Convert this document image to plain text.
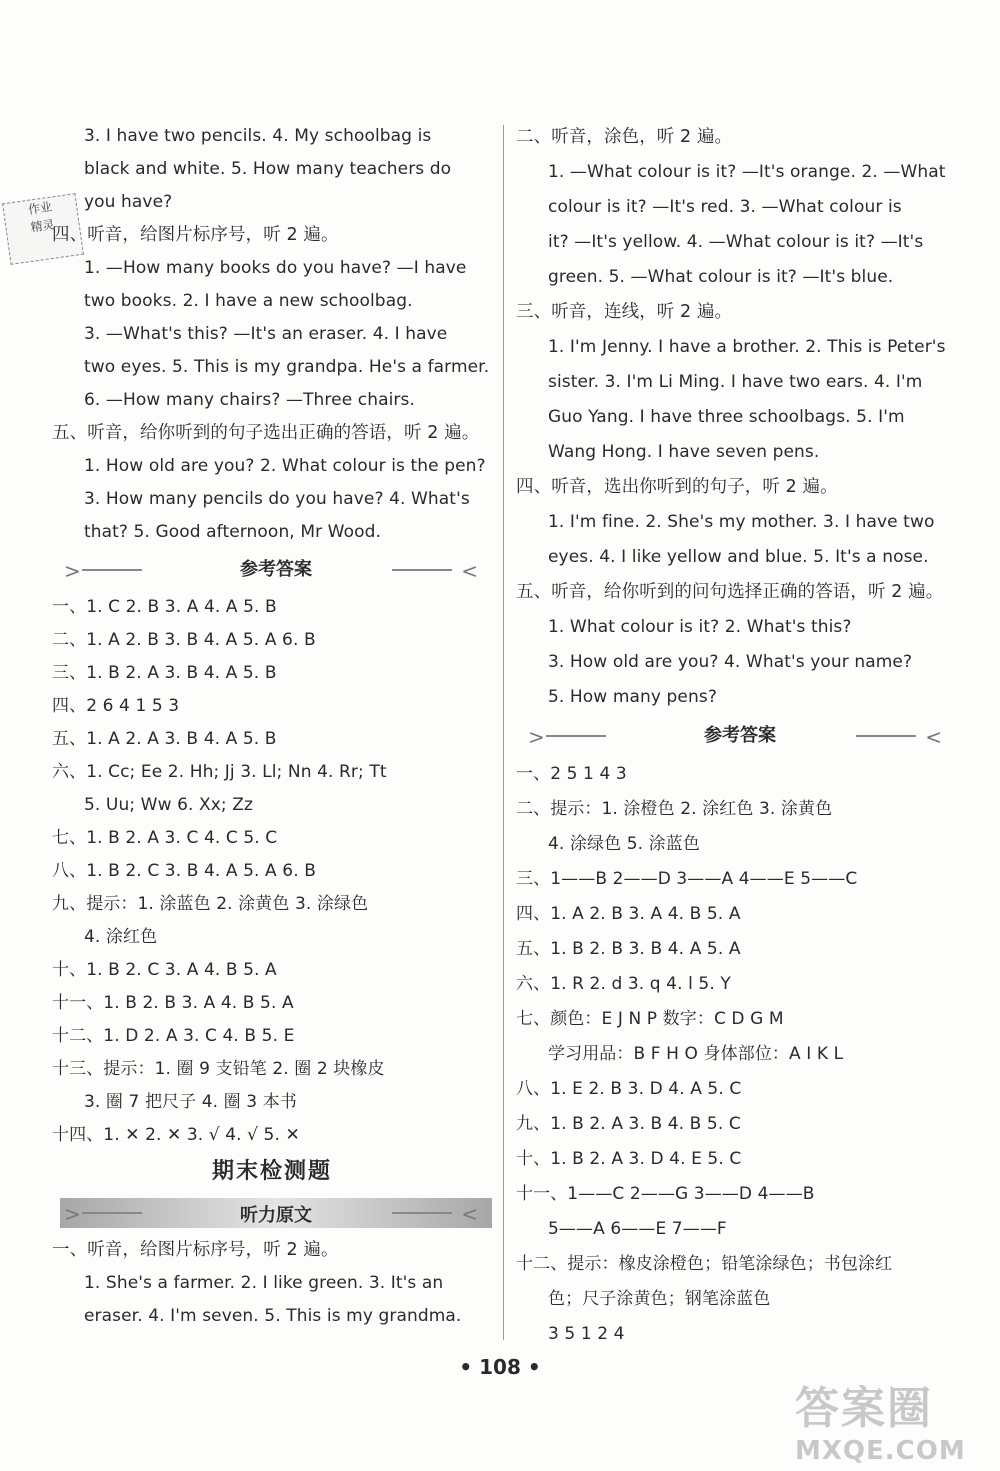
作业
精灵
3. I have two pencils. 4. My schoolbag is
black and white. 5. How many teachers do
you have?
四、听音，给图片标序号，听 2 遍。
1. —How many books do you have? —I have
two books. 2. I have a new schoolbag.
3. —What's this? —It's an eraser. 4. I have
two eyes. 5. This is my grandpa. He's a farmer.
6. —How many chairs? —Three chairs.
五、听音，给你听到的句子选出正确的答语，听 2 遍。
1. How old are you? 2. What colour is the pen?
3. How many pencils do you have? 4. What's
that? 5. Good afternoon, Mr Wood.
>	参考答案	<
一、1. C 2. B 3. A 4. A 5. B
二、1. A 2. B 3. B 4. A 5. A 6. B
三、1. B 2. A 3. B 4. A 5. B
四、2 6 4 1 5 3
五、1. A 2. A 3. B 4. A 5. B
六、1. Cc; Ee 2. Hh; Jj 3. Ll; Nn 4. Rr; Tt
5. Uu; Ww 6. Xx; Zz
七、1. B 2. A 3. C 4. C 5. C
八、1. B 2. C 3. B 4. A 5. A 6. B
九、提示：1. 涂蓝色 2. 涂黄色 3. 涂绿色
4. 涂红色
十、1. B 2. C 3. A 4. B 5. A
十一、1. B 2. B 3. A 4. B 5. A
十二、1. D 2. A 3. C 4. B 5. E
十三、提示：1. 圈 9 支铅笔 2. 圈 2 块橡皮
3. 圈 7 把尺子 4. 圈 3 本书
十四、1. ✕ 2. ✕ 3. √ 4. √ 5. ✕
期末检测题
>	听力原文	<
一、听音，给图片标序号，听 2 遍。
1. She's a farmer. 2. I like green. 3. It's an
eraser. 4. I'm seven. 5. This is my grandma.
二、听音，涂色，听 2 遍。
1. —What colour is it? —It's orange. 2. —What
colour is it? —It's red. 3. —What colour is
it? —It's yellow. 4. —What colour is it? —It's
green. 5. —What colour is it? —It's blue.
三、听音，连线，听 2 遍。
1. I'm Jenny. I have a brother. 2. This is Peter's
sister. 3. I'm Li Ming. I have two ears. 4. I'm
Guo Yang. I have three schoolbags. 5. I'm
Wang Hong. I have seven pens.
四、听音，选出你听到的句子，听 2 遍。
1. I'm fine. 2. She's my mother. 3. I have two
eyes. 4. I like yellow and blue. 5. It's a nose.
五、听音，给你听到的问句选择正确的答语，听 2 遍。
1. What colour is it? 2. What's this?
3. How old are you? 4. What's your name?
5. How many pens?
>	参考答案	<
一、2 5 1 4 3
二、提示：1. 涂橙色 2. 涂红色 3. 涂黄色
4. 涂绿色 5. 涂蓝色
三、1——B 2——D 3——A 4——E 5——C
四、1. A 2. B 3. A 4. B 5. A
五、1. B 2. B 3. B 4. A 5. A
六、1. R 2. d 3. q 4. l 5. Y
七、颜色：E J N P 数字：C D G M
学习用品：B F H O 身体部位：A I K L
八、1. E 2. B 3. D 4. A 5. C
九、1. B 2. A 3. B 4. B 5. C
十、1. B 2. A 3. D 4. E 5. C
十一、1——C 2——G 3——D 4——B
5——A 6——E 7——F
十二、提示：橡皮涂橙色；铅笔涂绿色；书包涂红
色；尺子涂黄色；钢笔涂蓝色
3 5 1 2 4
• 108 •
答案圈
MXQE.COM
